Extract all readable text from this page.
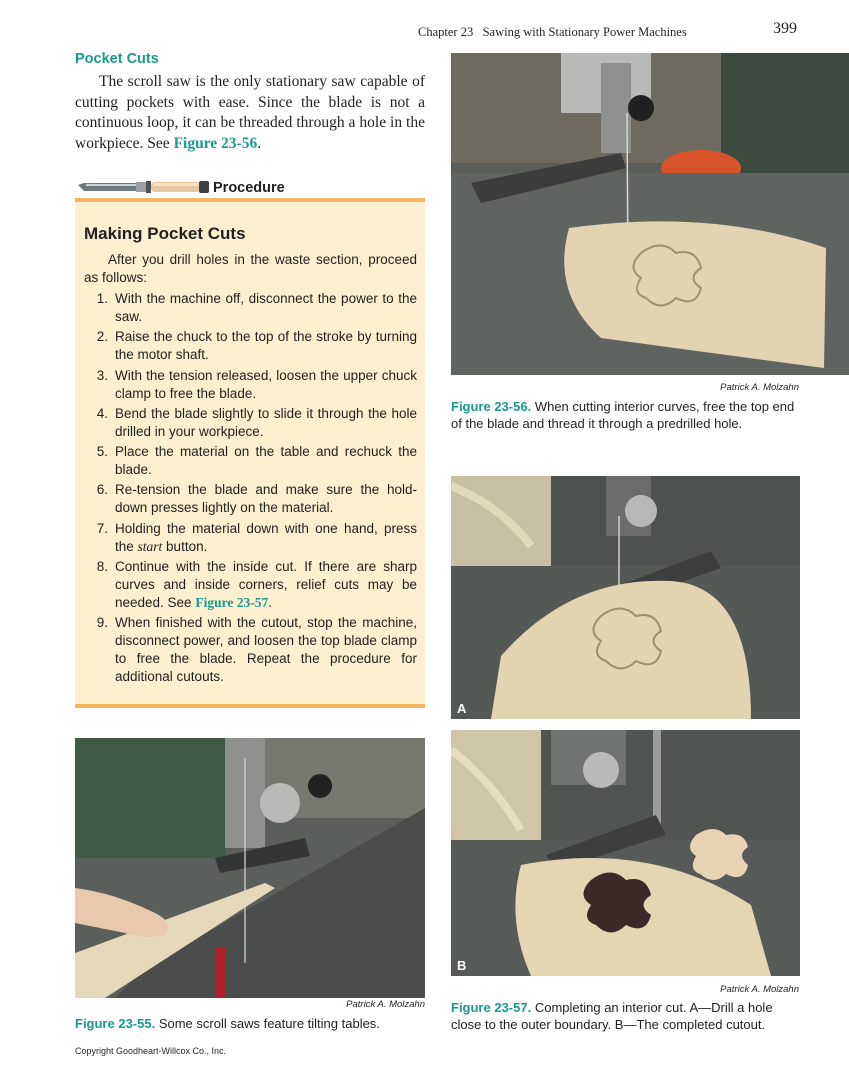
Chapter 23   Sawing with Stationary Power Machines	399
Pocket Cuts
The scroll saw is the only stationary saw capable of cutting pockets with ease. Since the blade is not a continuous loop, it can be threaded through a hole in the workpiece. See Figure 23-56.
Procedure
Making Pocket Cuts
After you drill holes in the waste section, proceed as follows:
1. With the machine off, disconnect the power to the saw.
2. Raise the chuck to the top of the stroke by turning the motor shaft.
3. With the tension released, loosen the upper chuck clamp to free the blade.
4. Bend the blade slightly to slide it through the hole drilled in your workpiece.
5. Place the material on the table and rechuck the blade.
6. Re-tension the blade and make sure the hold-down presses lightly on the material.
7. Holding the material down with one hand, press the start button.
8. Continue with the inside cut. If there are sharp curves and inside corners, relief cuts may be needed. See Figure 23-57.
9. When finished with the cutout, stop the machine, disconnect power, and loosen the top blade clamp to free the blade. Repeat the procedure for additional cutouts.
Patrick A. Molzahn
Figure 23-56. When cutting interior curves, free the top end of the blade and thread it through a predrilled hole.
A
B
Patrick A. Molzahn
Figure 23-57. Completing an interior cut. A—Drill a hole close to the outer boundary. B—The completed cutout.
Patrick A. Molzahn
Figure 23-55. Some scroll saws feature tilting tables.
Copyright Goodheart-Willcox Co., Inc.
